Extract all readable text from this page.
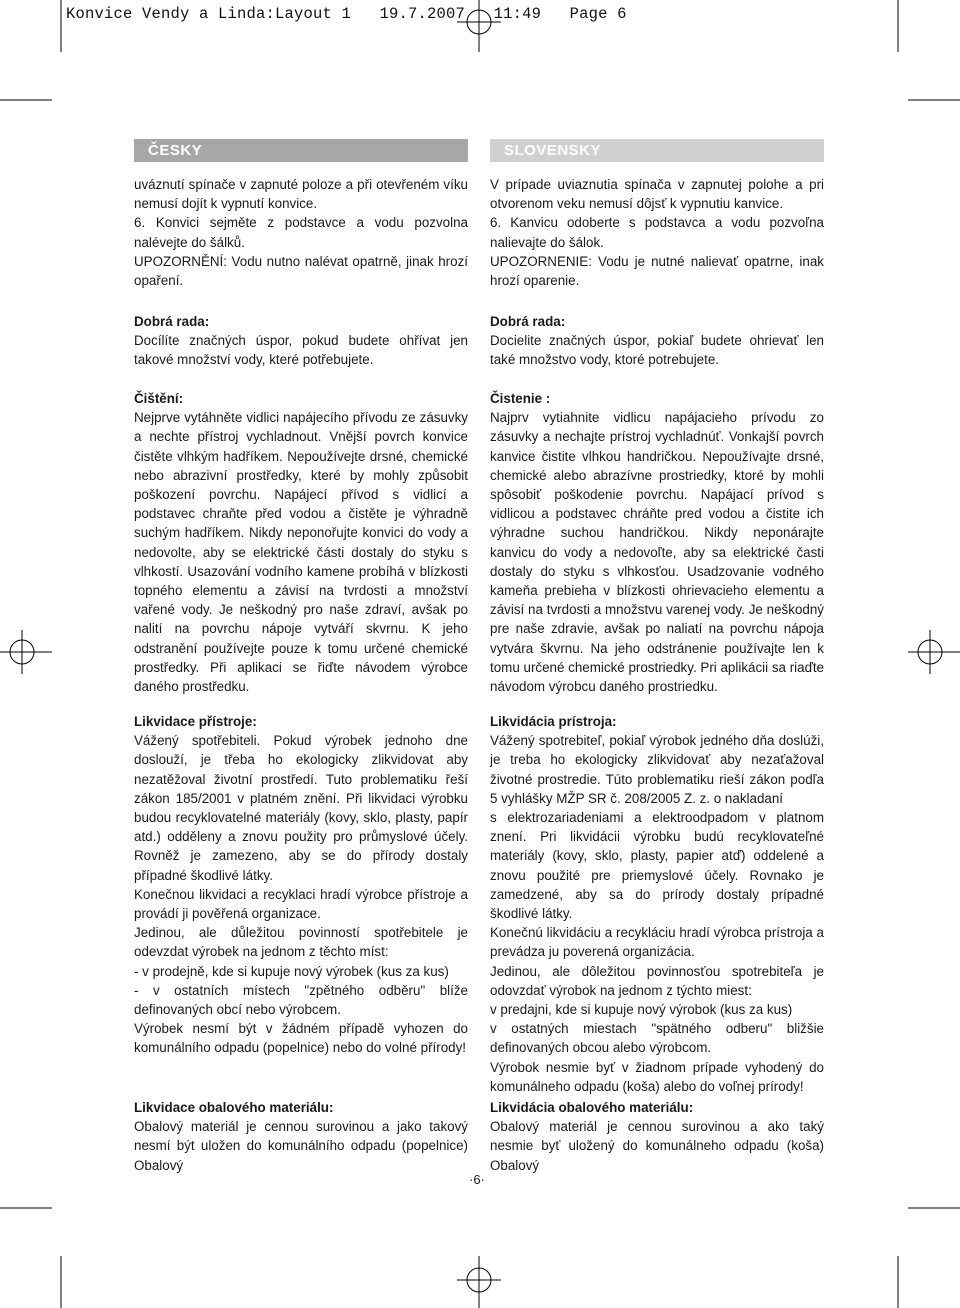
Konvice Vendy a Linda:Layout 1   19.7.2007   11:49   Page 6
ČESKY

uváznutí spínače v zapnuté poloze a při otevřeném víku nemusí dojít k vypnutí konvice.
6. Konvici sejměte z podstavce a vodu pozvolna nalévejte do šálků.

UPOZORNĚNÍ: Vodu nutno nalévat opatrně, jinak hrozí opaření.

Dobrá rada:

Docílíte značných úspor, pokud budete ohřívat jen takové množství vody, které potřebujete.

Čištění:

Nejprve vytáhněte vidlici napájecího přívodu ze zásuvky a nechte přístroj vychladnout. Vnější povrch konvice čistěte vlhkým hadříkem. Nepoužívejte drsné, chemické nebo abrazivní prostředky, které by mohly způsobit poškození povrchu. Napájecí přívod s vidlicí a podstavec chraňte před vodou a čistěte je výhradně suchým hadříkem. Nikdy neponořujte konvici do vody a nedovolte, aby se elektrické části dostaly do styku s vlhkostí. Usazování vodního kamene probíhá v blízkosti topného elementu a závisí na tvrdosti a množství vařené vody. Je neškodný pro naše zdraví, avšak po nalití na povrchu nápoje vytváří skvrnu. K jeho odstranění používejte pouze k tomu určené chemické prostředky. Při aplikaci se řiďte návodem výrobce daného prostředku.

Likvidace přístroje:

Vážený spotřebiteli. Pokud výrobek jednoho dne doslouží, je třeba ho ekologicky zlikvidovat aby nezatěžoval životní prostředí. Tuto problematiku řeší zákon 185/2001 v platném znění. Při likvidaci výrobku budou recyklovatelné materiály (kovy, sklo, plasty, papír atd.) odděleny a znovu použity pro průmyslové účely. Rovněž je zamezeno, aby se do přírody dostaly případné škodlivé látky.
Konečnou likvidaci a recyklaci hradí výrobce přístroje a provádí ji pověřená organizace.
Jedinou, ale důležitou povinností spotřebitele je odevzdat výrobek na jednom z těchto míst:
- v prodejně, kde si kupuje nový výrobek (kus za kus)
- v ostatních místech "zpětného odběru" blíže definovaných obcí nebo výrobcem.
Výrobek nesmí být v žádném případě vyhozen do komunálního odpadu (popelnice) nebo do volné přírody!

Likvidace obalového materiálu:

Obalový materiál je cennou surovinou a jako takový nesmí být uložen do komunálního odpadu (popelnice) Obalový

SLOVENSKY

V prípade uviaznutia spínača v zapnutej polohe a pri otvorenom veku nemusí dôjsť k vypnutiu kanvice.
6. Kanvicu odoberte s podstavca a vodu pozvoľna nalievajte do šálok.

UPOZORNENIE: Vodu je nutné nalievať opatrne, inak hrozí oparenie.

Dobrá rada:

Docielite značných úspor, pokiaľ budete ohrievať len také množstvo vody, ktoré potrebujete.

Čistenie :

Najprv vytiahnite vidlicu napájacieho prívodu zo zásuvky a nechajte prístroj vychladnúť. Vonkajší povrch kanvice čistite vlhkou handričkou. Nepoužívajte drsné, chemické alebo abrazívne prostriedky, ktoré by mohli spôsobiť poškodenie povrchu. Napájací prívod s vidlicou a podstavec chráňte pred vodou a čistite ich výhradne suchou handričkou. Nikdy neponárajte kanvicu do vody a nedovoľte, aby sa elektrické časti dostaly do styku s vlhkosťou. Usadzovanie vodného kameňa prebieha v blízkosti ohrievacieho elementu a závisí na tvrdosti a množstvu varenej vody. Je neškodný pre naše zdravie, avšak po naliatí na povrchu nápoja vytvára škvrnu. Na jeho odstránenie používajte len k tomu určené chemické prostriedky. Pri aplikácii sa riaďte návodom výrobcu daného prostriedku.

Likvidácia prístroja:

Vážený spotrebiteľ, pokiaľ výrobok jedného dňa doslúži, je treba ho ekologicky zlikvidovať aby nezaťažoval životné prostredie. Túto problematiku rieší zákon podľa 5 vyhlášky MŽP SR č. 208/2005 Z. z. o nakladaní
s elektrozariadeniami a elektroodpadom v platnom znení. Pri likvidácii výrobku budú recyklovateľné materiály (kovy, sklo, plasty, papier atď) oddelené a znovu použité pre priemyslové účely. Rovnako je zamedzené, aby sa do prírody dostaly prípadné škodlivé látky.
Konečnú likvidáciu a recykláciu hradí výrobca prístroja a prevádza ju poverená organizácia.
Jedinou, ale dôležitou povinnosťou spotrebiteľa je odovzdať výrobok na jednom z týchto miest:
v predajni, kde si kupuje nový výrobok (kus za kus)
v ostatných miestach "spätného odberu" bližšie definovaných obcou alebo výrobcom.
Výrobok nesmie byť v žiadnom prípade vyhodený do komunálneho odpadu (koša) alebo do voľnej prírody!

Likvidácia obalového materiálu:

Obalový materiál je cennou surovinou a ako taký nesmie byť uložený do komunálneho odpadu (koša) Obalový

·6·
